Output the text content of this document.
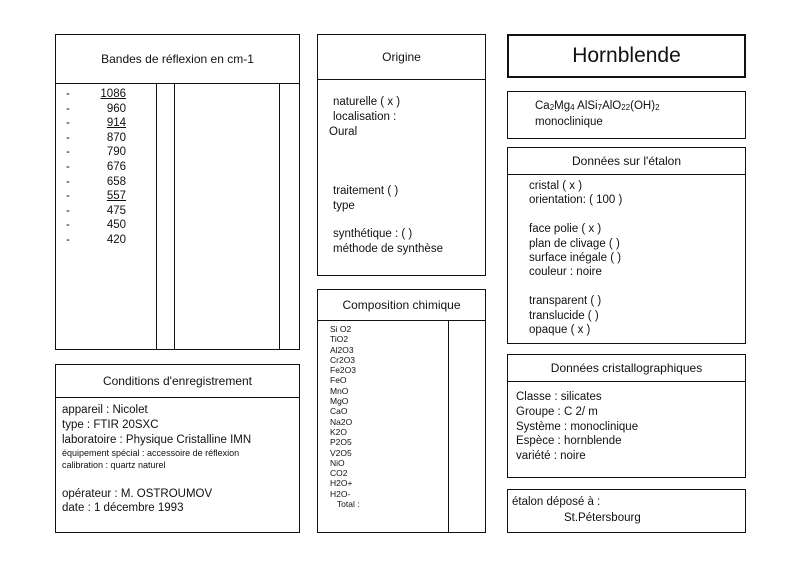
Bandes de réflexion en cm-1
-	1086
-	960
-	914
-	870
-	790
-	676
-	658
-	557
-	475
-	450
-	420
Origine
naturelle ( x )
localisation :
Oural
traitement ( )
type
synthétique : ( )
méthode de synthèse
Hornblende
$Ca_2Mg_4$ $AlSi_7AlO_{22}(OH)_2$
monoclinique
Données sur l'étalon
cristal ( x )
orientation: ( 100 )
face polie ( x )
plan de clivage ( )
surface inégale ( )
couleur : noire
transparent ( )
translucide ( )
opaque ( x )
Composition chimique
Si O2
TiO2
Al2O3
Cr2O3
Fe2O3
FeO
MnO
MgO
CaO
Na2O
K2O
P2O5
V2O5
NiO
CO2
H2O+
H2O-
Total :
Conditions d'enregistrement
appareil : Nicolet
type : FTIR 20SXC
laboratoire : Physique Cristalline IMN
équipement spécial : accessoire de réflexion
calibration : quartz naturel
opérateur : M. OSTROUMOV
date : 1 décembre 1993
Données cristallographiques
Classe : silicates
Groupe : C 2/ m
Système : monoclinique
Espèce : hornblende
variété : noire
étalon déposé à :
St.Pétersbourg
